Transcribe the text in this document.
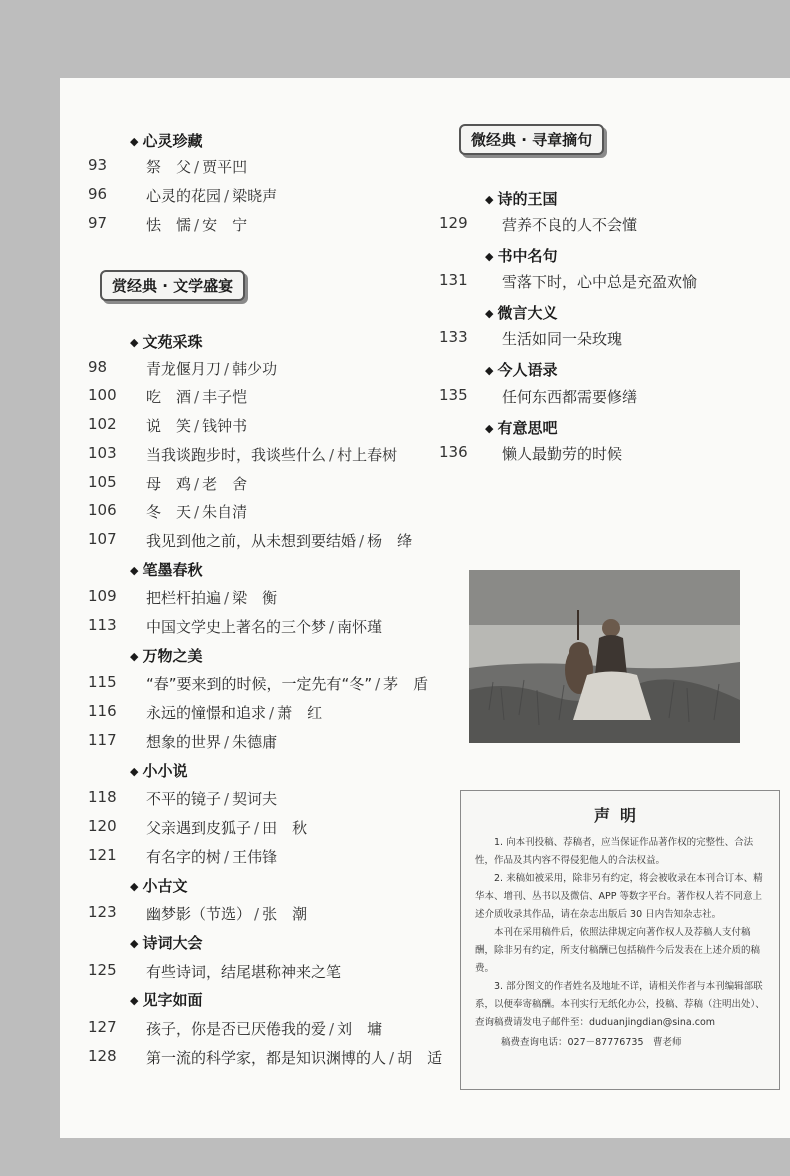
◆ 心灵珍藏
93	祭　父 / 贾平凹
96	心灵的花园 / 梁晓声
97	怯　懦 / 安　宁
赏经典 · 文学盛宴
◆ 文苑采珠
98	青龙偃月刀 / 韩少功
100	吃　酒 / 丰子恺
102	说　笑 / 钱钟书
103	当我谈跑步时，我谈些什么 / 村上春树
105	母　鸡 / 老　舍
106	冬　天 / 朱自清
107	我见到他之前，从未想到要结婚 / 杨　绛
◆ 笔墨春秋
109	把栏杆拍遍 / 梁　衡
113	中国文学史上著名的三个梦 / 南怀瑾
◆ 万物之美
115	“春”要来到的时候，一定先有“冬” / 茅　盾
116	永远的憧憬和追求 / 萧　红
117	想象的世界 / 朱德庸
◆ 小小说
118	不平的镜子 / 契诃夫
120	父亲遇到皮狐子 / 田　秋
121	有名字的树 / 王伟锋
◆ 小古文
123	幽梦影（节选） / 张　潮
◆ 诗词大会
125	有些诗词，结尾堪称神来之笔
◆ 见字如面
127	孩子，你是否已厌倦我的爱 / 刘　墉
128	第一流的科学家，都是知识渊博的人 / 胡　适
微经典 · 寻章摘句
◆ 诗的王国
129 营养不良的人不会懂
◆ 书中名句
131 雪落下时，心中总是充盈欢愉
◆ 微言大义
133 生活如同一朵玫瑰
◆ 今人语录
135 任何东西都需要修缮
◆ 有意思吧
136 懒人最勤劳的时候
声明

1. 向本刊投稿、荐稿者，应当保证作品著作权的完整性、合法性，作品及其内容不得侵犯他人的合法权益。

2. 来稿如被采用，除非另有约定，将会被收录在本刊合订本、精华本、增刊、丛书以及微信、APP 等数字平台。著作权人若不同意上述介质收录其作品，请在杂志出版后 30 日内告知杂志社。

本刊在采用稿件后，依照法律规定向著作权人及荐稿人支付稿酬，除非另有约定，所支付稿酬已包括稿件今后发表在上述介质的稿费。

3. 部分图文的作者姓名及地址不详，请相关作者与本刊编辑部联系，以便奉寄稿酬。本刊实行无纸化办公，投稿、荐稿（注明出处）、查询稿费请发电子邮件至：duduanjingdian@sina.com

稿费查询电话：027－87776735　曹老师
